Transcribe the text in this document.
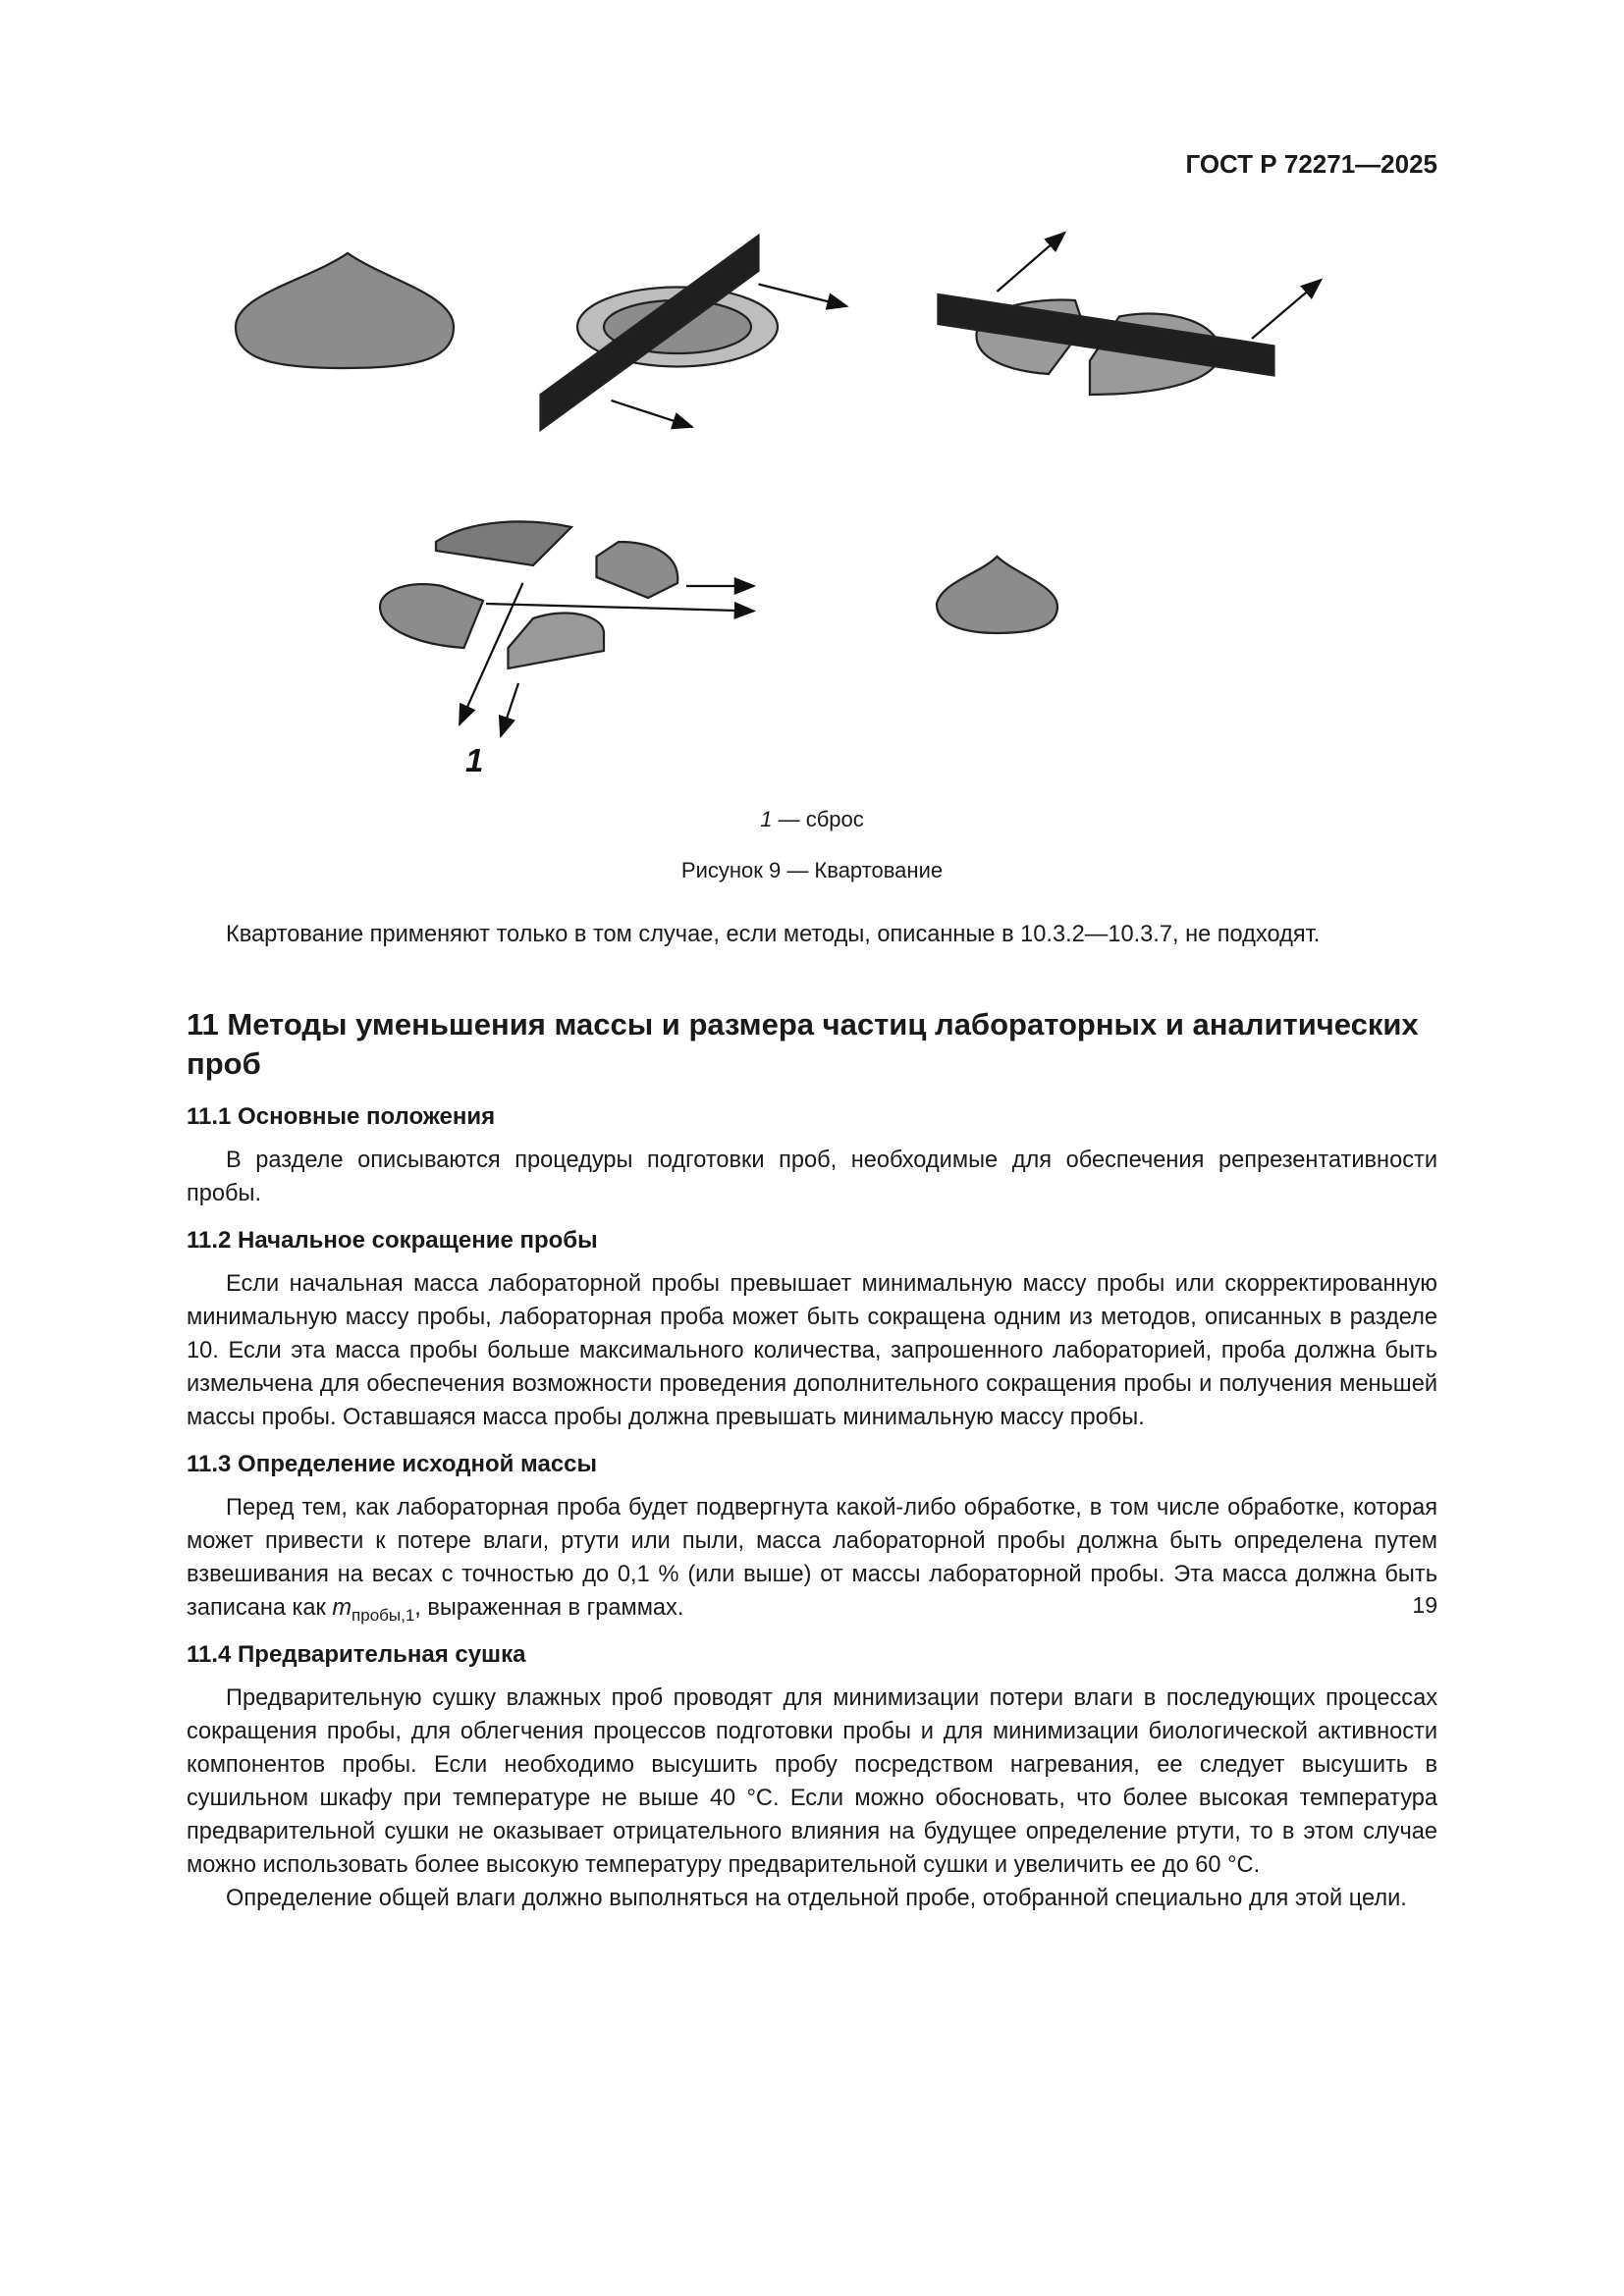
ГОСТ Р 72271—2025
1
1 — сброс
Рисунок 9 — Квартование

Квартование применяют только в том случае, если методы, описанные в 10.3.2—10.3.7, не подходят.

11 Методы уменьшения массы и размера частиц лабораторных и аналитических проб
11.1 Основные положения

В разделе описываются процедуры подготовки проб, необходимые для обеспечения репрезентативности пробы.

11.2 Начальное сокращение пробы

Если начальная масса лабораторной пробы превышает минимальную массу пробы или скорректированную минимальную массу пробы, лабораторная проба может быть сокращена одним из методов, описанных в разделе 10. Если эта масса пробы больше максимального количества, запрошенного лабораторией, проба должна быть измельчена для обеспечения возможности проведения дополнительного сокращения пробы и получения меньшей массы пробы. Оставшаяся масса пробы должна превышать минимальную массу пробы.

11.3 Определение исходной массы

Перед тем, как лабораторная проба будет подвергнута какой-либо обработке, в том числе обработке, которая может привести к потере влаги, ртути или пыли, масса лабораторной пробы должна быть определена путем взвешивания на весах с точностью до 0,1 % (или выше) от массы лабораторной пробы. Эта масса должна быть записана как $m_{пробы,1}$, выраженная в граммах.

11.4 Предварительная сушка

Предварительную сушку влажных проб проводят для минимизации потери влаги в последующих процессах сокращения пробы, для облегчения процессов подготовки пробы и для минимизации биологической активности компонентов пробы. Если необходимо высушить пробу посредством нагревания, ее следует высушить в сушильном шкафу при температуре не выше 40 °С. Если можно обосновать, что более высокая температура предварительной сушки не оказывает отрицательного влияния на будущее определение ртути, то в этом случае можно использовать более высокую температуру предварительной сушки и увеличить ее до 60 °С.

Определение общей влаги должно выполняться на отдельной пробе, отобранной специально для этой цели.

19
